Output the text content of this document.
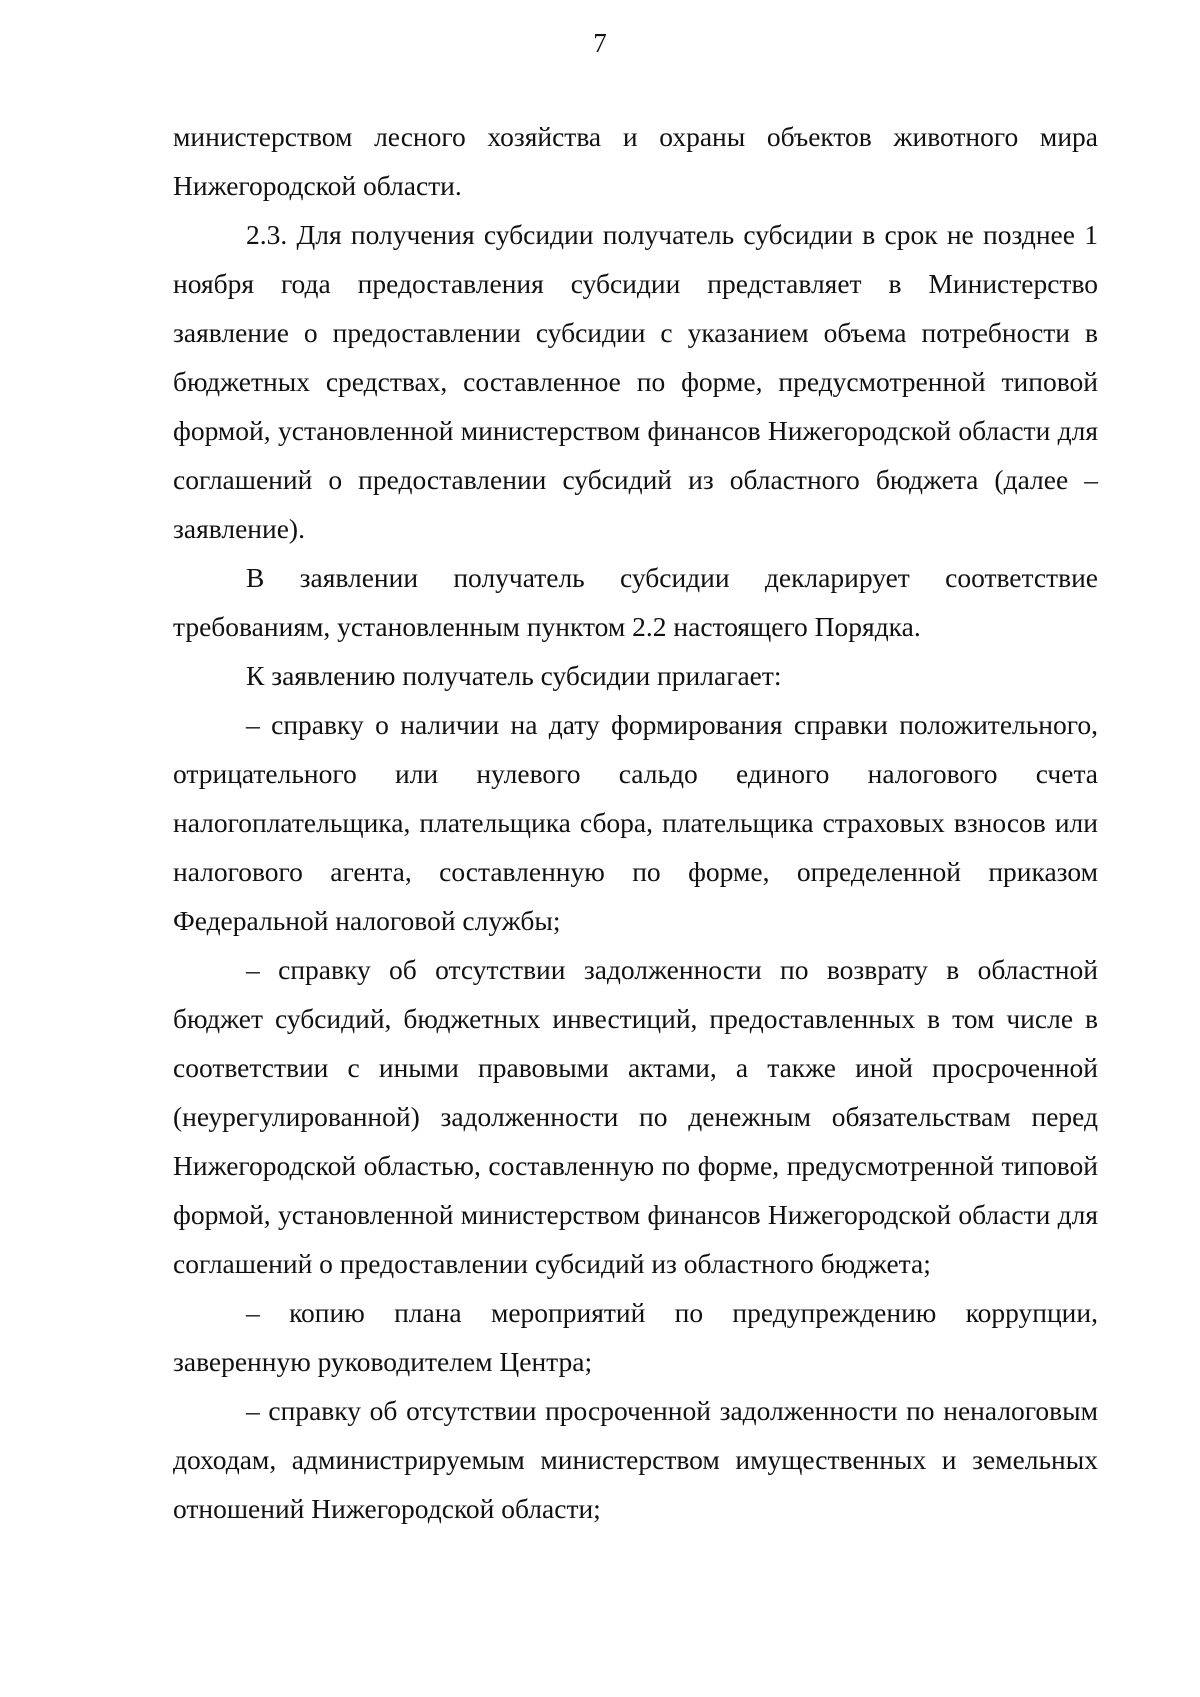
7

министерством лесного хозяйства и охраны объектов животного мира Нижегородской области.

2.3. Для получения субсидии получатель субсидии в срок не позднее 1 ноября года предоставления субсидии представляет в Министерство заявление о предоставлении субсидии с указанием объема потребности в бюджетных средствах, составленное по форме, предусмотренной типовой формой, установленной министерством финансов Нижегородской области для соглашений о предоставлении субсидий из областного бюджета (далее – заявление).

В заявлении получатель субсидии декларирует соответствие требованиям, установленным пунктом 2.2 настоящего Порядка.

К заявлению получатель субсидии прилагает:

– справку о наличии на дату формирования справки положительного, отрицательного или нулевого сальдо единого налогового счета налогоплательщика, плательщика сбора, плательщика страховых взносов или налогового агента, составленную по форме, определенной приказом Федеральной налоговой службы;

– справку об отсутствии задолженности по возврату в областной бюджет субсидий, бюджетных инвестиций, предоставленных в том числе в соответствии с иными правовыми актами, а также иной просроченной (неурегулированной) задолженности по денежным обязательствам перед Нижегородской областью, составленную по форме, предусмотренной типовой формой, установленной министерством финансов Нижегородской области для соглашений о предоставлении субсидий из областного бюджета;

– копию плана мероприятий по предупреждению коррупции, заверенную руководителем Центра;

– справку об отсутствии просроченной задолженности по неналоговым доходам, администрируемым министерством имущественных и земельных отношений Нижегородской области;
